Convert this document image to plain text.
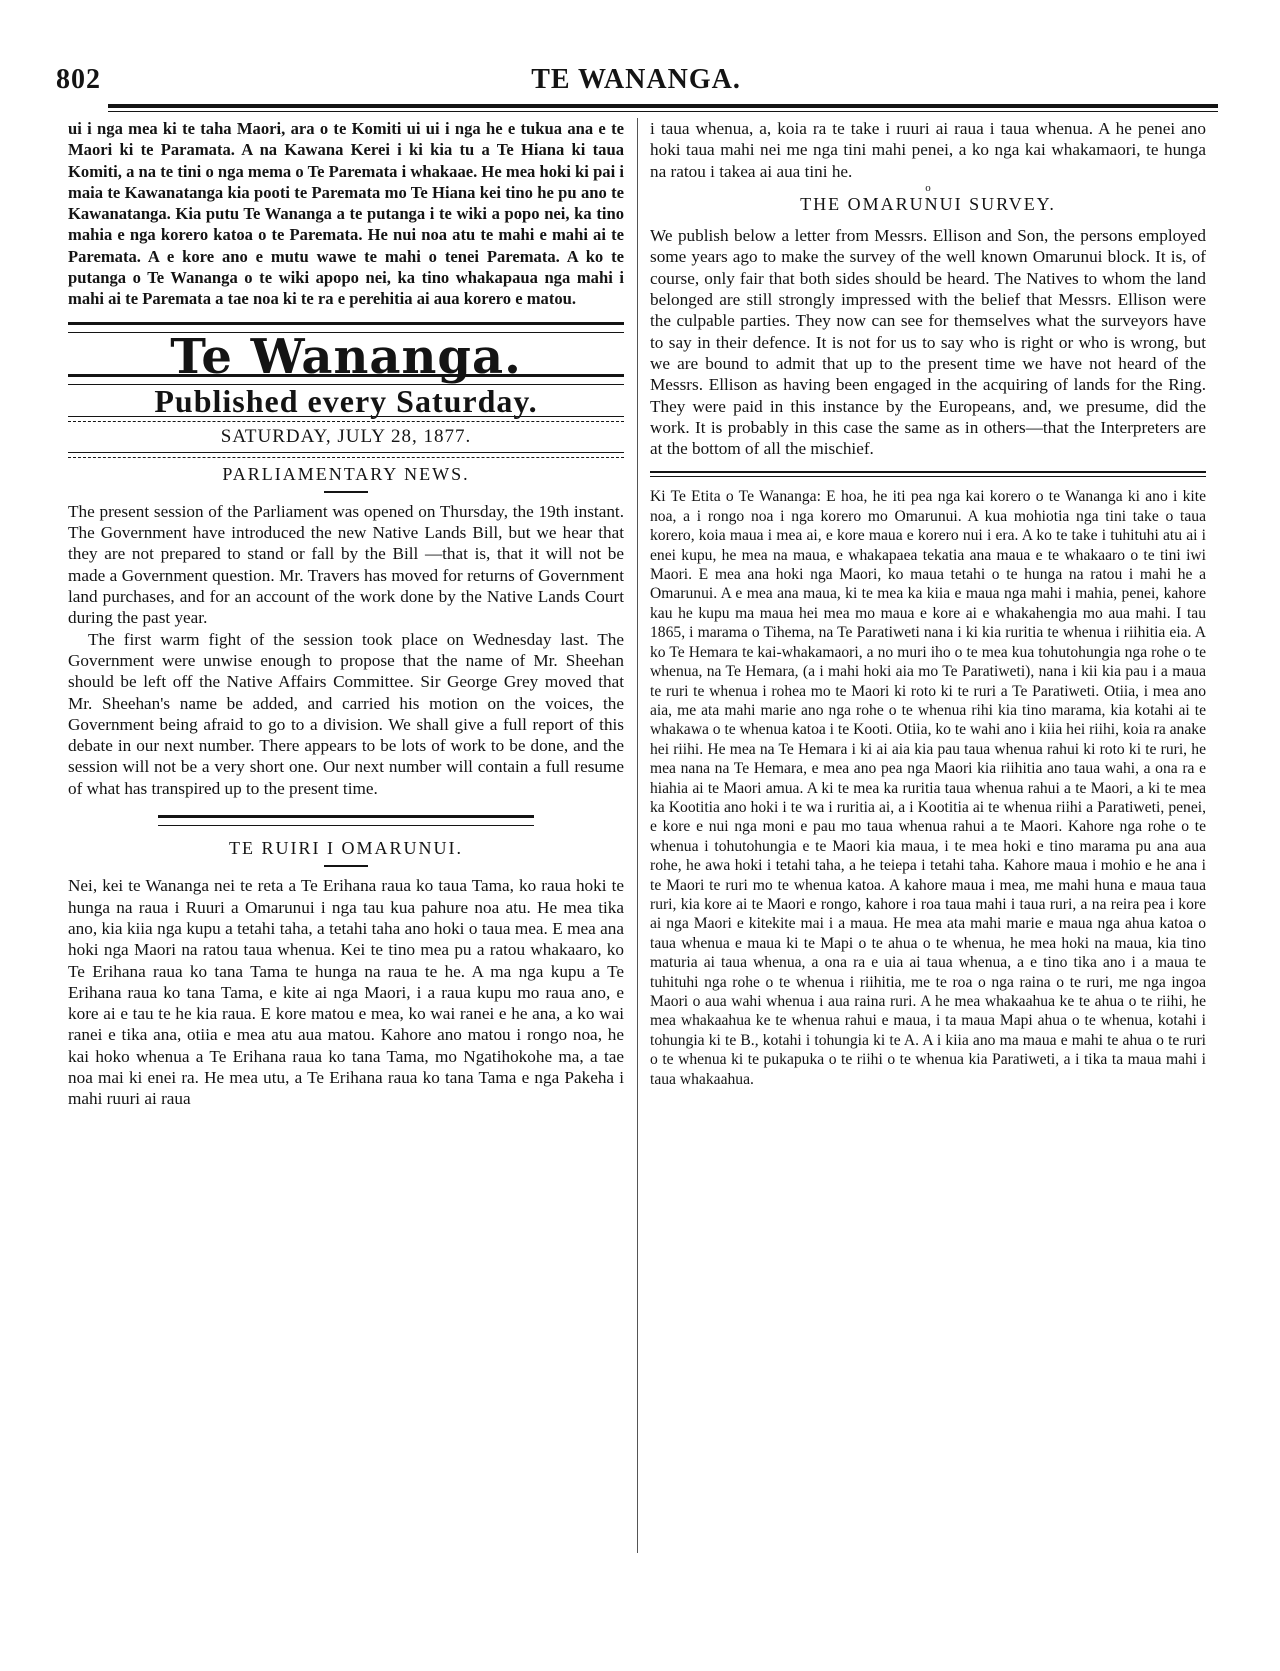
802	TE WANANGA.

ui i nga mea ki te taha Maori, ara o te Komiti ui ui i nga he e tukua ana e te Maori ki te Paramata. A na Kawana Kerei i ki kia tu a Te Hiana ki taua Komiti, a na te tini o nga mema o Te Paremata i whakaae. He mea hoki ki pai i maia te Kawanatanga kia pooti te Paremata mo Te Hiana kei tino he pu ano te Kawanatanga. Kia putu Te Wananga a te putanga i te wiki a popo nei, ka tino mahia e nga korero katoa o te Paremata. He nui noa atu te mahi e mahi ai te Paremata. A e kore ano e mutu wawe te mahi o tenei Paremata. A ko te putanga o Te Wananga o te wiki apopo nei, ka tino whakapaua nga mahi i mahi ai te Paremata a tae noa ki te ra e perehitia ai aua korero e matou.

Te Wananga.
Published every Saturday.
SATURDAY, JULY 28, 1877.
PARLIAMENTARY NEWS.

The present session of the Parliament was opened on Thursday, the 19th instant. The Government have introduced the new Native Lands Bill, but we hear that they are not prepared to stand or fall by the Bill —that is, that it will not be made a Government question. Mr. Travers has moved for returns of Government land purchases, and for an account of the work done by the Native Lands Court during the past year.

The first warm fight of the session took place on Wednesday last. The Government were unwise enough to propose that the name of Mr. Sheehan should be left off the Native Affairs Committee. Sir George Grey moved that Mr. Sheehan's name be added, and carried his motion on the voices, the Government being afraid to go to a division. We shall give a full report of this debate in our next number. There appears to be lots of work to be done, and the session will not be a very short one. Our next number will contain a full resume of what has transpired up to the present time.

TE RUIRI I OMARUNUI.

Nei, kei te Wananga nei te reta a Te Erihana raua ko taua Tama, ko raua hoki te hunga na raua i Ruuri a Omarunui i nga tau kua pahure noa atu. He mea tika ano, kia kiia nga kupu a tetahi taha, a tetahi taha ano hoki o taua mea. E mea ana hoki nga Maori na ratou taua whenua. Kei te tino mea pu a ratou whakaaro, ko Te Erihana raua ko tana Tama te hunga na raua te he. A ma nga kupu a Te Erihana raua ko tana Tama, e kite ai nga Maori, i a raua kupu mo raua ano, e kore ai e tau te he kia raua. E kore matou e mea, ko wai ranei e he ana, a ko wai ranei e tika ana, otiia e mea atu aua matou. Kahore ano matou i rongo noa, he kai hoko whenua a Te Erihana raua ko tana Tama, mo Ngatihokohe ma, a tae noa mai ki enei ra. He mea utu, a Te Erihana raua ko tana Tama e nga Pakeha i mahi ruuri ai raua

i taua whenua, a, koia ra te take i ruuri ai raua i taua whenua. A he penei ano hoki taua mahi nei me nga tini mahi penei, a ko nga kai whakamaori, te hunga na ratou i takea ai aua tini he.

o
THE OMARUNUI SURVEY.

We publish below a letter from Messrs. Ellison and Son, the persons employed some years ago to make the survey of the well known Omarunui block. It is, of course, only fair that both sides should be heard. The Natives to whom the land belonged are still strongly impressed with the belief that Messrs. Ellison were the culpable parties. They now can see for themselves what the surveyors have to say in their defence. It is not for us to say who is right or who is wrong, but we are bound to admit that up to the present time we have not heard of the Messrs. Ellison as having been engaged in the acquiring of lands for the Ring. They were paid in this instance by the Europeans, and, we presume, did the work. It is probably in this case the same as in others—that the Interpreters are at the bottom of all the mischief.

Ki Te Etita o Te Wananga: E hoa, he iti pea nga kai korero o te Wananga ki ano i kite noa, a i rongo noa i nga korero mo Omarunui. A kua mohiotia nga tini take o taua korero, koia maua i mea ai, e kore maua e korero nui i era. A ko te take i tuhituhi atu ai i enei kupu, he mea na maua, e whakapaea tekatia ana maua e te whakaaro o te tini iwi Maori. E mea ana hoki nga Maori, ko maua tetahi o te hunga na ratou i mahi he a Omarunui. A e mea ana maua, ki te mea ka kiia e maua nga mahi i mahia, penei, kahore kau he kupu ma maua hei mea mo maua e kore ai e whakahengia mo aua mahi. I tau 1865, i marama o Tihema, na Te Paratiweti nana i ki kia ruritia te whenua i riihitia eia. A ko Te Hemara te kai-whakamaori, a no muri iho o te mea kua tohutohungia nga rohe o te whenua, na Te Hemara, (a i mahi hoki aia mo Te Paratiweti), nana i kii kia pau i a maua te ruri te whenua i rohea mo te Maori ki roto ki te ruri a Te Paratiweti. Otiia, i mea ano aia, me ata mahi marie ano nga rohe o te whenua rihi kia tino marama, kia kotahi ai te whakawa o te whenua katoa i te Kooti. Otiia, ko te wahi ano i kiia hei riihi, koia ra anake hei riihi. He mea na Te Hemara i ki ai aia kia pau taua whenua rahui ki roto ki te ruri, he mea nana na Te Hemara, e mea ano pea nga Maori kia riihitia ano taua wahi, a ona ra e hiahia ai te Maori amua. A ki te mea ka ruritia taua whenua rahui a te Maori, a ki te mea ka Kootitia ano hoki i te wa i ruritia ai, a i Kootitia ai te whenua riihi a Paratiweti, penei, e kore e nui nga moni e pau mo taua whenua rahui a te Maori. Kahore nga rohe o te whenua i tohutohungia e te Maori kia maua, i te mea hoki e tino marama pu ana aua rohe, he awa hoki i tetahi taha, a he teiepa i tetahi taha. Kahore maua i mohio e he ana i te Maori te ruri mo te whenua katoa. A kahore maua i mea, me mahi huna e maua taua ruri, kia kore ai te Maori e rongo, kahore i roa taua mahi i taua ruri, a na reira pea i kore ai nga Maori e kitekite mai i a maua. He mea ata mahi marie e maua nga ahua katoa o taua whenua e maua ki te Mapi o te ahua o te whenua, he mea hoki na maua, kia tino maturia ai taua whenua, a ona ra e uia ai taua whenua, a e tino tika ano i a maua te tuhituhi nga rohe o te whenua i riihitia, me te roa o nga raina o te ruri, me nga ingoa Maori o aua wahi whenua i aua raina ruri. A he mea whakaahua ke te ahua o te riihi, he mea whakaahua ke te whenua rahui e maua, i ta maua Mapi ahua o te whenua, kotahi i tohungia ki te B., kotahi i tohungia ki te A. A i kiia ano ma maua e mahi te ahua o te ruri o te whenua ki te pukapuka o te riihi o te whenua kia Paratiweti, a i tika ta maua mahi i taua whakaahua.
